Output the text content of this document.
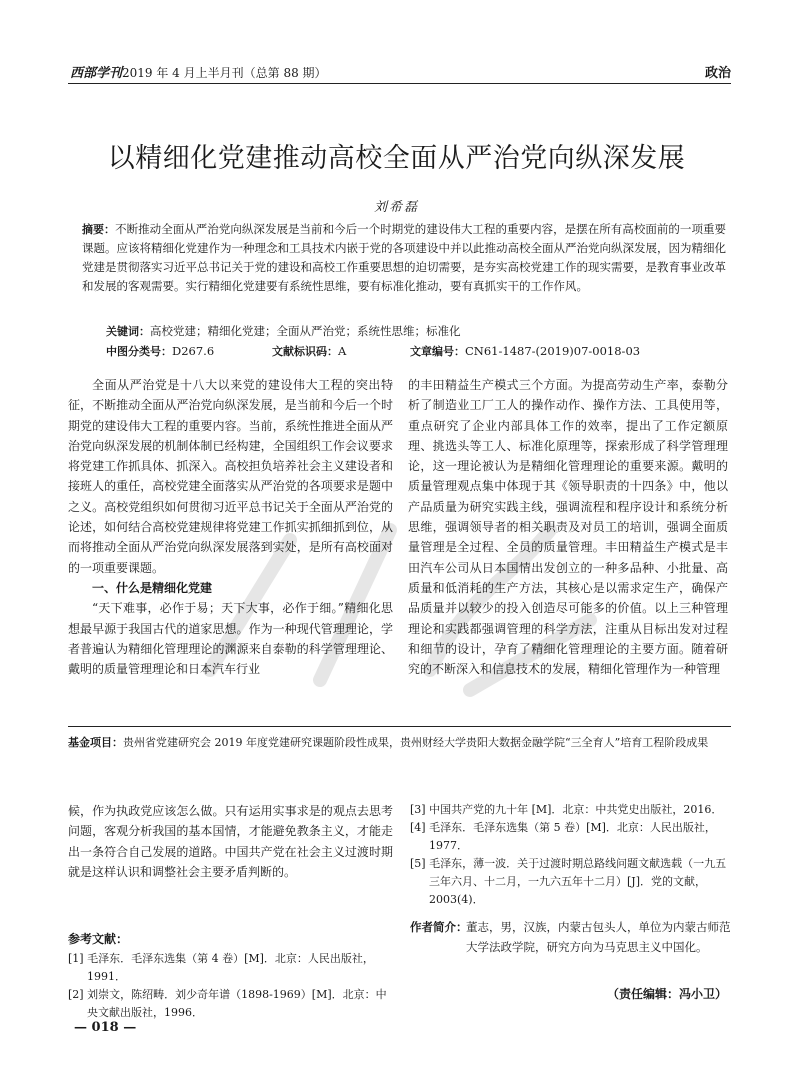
西部学刊2019 年 4 月上半月刊（总第 88 期）	政治
以精细化党建推动高校全面从严治党向纵深发展
刘希磊
摘要：不断推动全面从严治党向纵深发展是当前和今后一个时期党的建设伟大工程的重要内容，是摆在所有高校面前的一项重要课题。应该将精细化党建作为一种理念和工具技术内嵌于党的各项建设中并以此推动高校全面从严治党向纵深发展，因为精细化党建是贯彻落实习近平总书记关于党的建设和高校工作重要思想的迫切需要，是夯实高校党建工作的现实需要，是教育事业改革和发展的客观需要。实行精细化党建要有系统性思维，要有标准化推动，要有真抓实干的工作作风。
关键词：高校党建；精细化党建；全面从严治党；系统性思维；标准化
中图分类号：D267.6	文献标识码：A	文章编号：CN61-1487-(2019)07-0018-03

全面从严治党是十八大以来党的建设伟大工程的突出特征，不断推动全面从严治党向纵深发展，是当前和今后一个时期党的建设伟大工程的重要内容。当前，系统性推进全面从严治党向纵深发展的机制体制已经构建，全国组织工作会议要求将党建工作抓具体、抓深入。高校担负培养社会主义建设者和接班人的重任，高校党建全面落实从严治党的各项要求是题中之义。高校党组织如何贯彻习近平总书记关于全面从严治党的论述，如何结合高校党建规律将党建工作抓实抓细抓到位，从而将推动全面从严治党向纵深发展落到实处，是所有高校面对的一项重要课题。

一、什么是精细化党建

“天下难事，必作于易；天下大事，必作于细。”精细化思想最早源于我国古代的道家思想。作为一种现代管理理论，学者普遍认为精细化管理理论的渊源来自泰勒的科学管理理论、戴明的质量管理理论和日本汽车行业

的丰田精益生产模式三个方面。为提高劳动生产率，泰勒分析了制造业工厂工人的操作动作、操作方法、工具使用等，重点研究了企业内部具体工作的效率，提出了工作定额原理、挑选头等工人、标准化原理等，探索形成了科学管理理论，这一理论被认为是精细化管理理论的重要来源。戴明的质量管理观点集中体现于其《领导职责的十四条》中，他以产品质量为研究实践主线，强调流程和程序设计和系统分析思维，强调领导者的相关职责及对员工的培训，强调全面质量管理是全过程、全员的质量管理。丰田精益生产模式是丰田汽车公司从日本国情出发创立的一种多品种、小批量、高质量和低消耗的生产方法，其核心是以需求定生产，确保产品质量并以较少的投入创造尽可能多的价值。以上三种管理理论和实践都强调管理的科学方法，注重从目标出发对过程和细节的设计，孕育了精细化管理理论的主要方面。随着研究的不断深入和信息技术的发展，精细化管理作为一种管理

基金项目：贵州省党建研究会 2019 年度党建研究课题阶段性成果，贵州财经大学贵阳大数据金融学院“三全育人”培育工程阶段成果

候，作为执政党应该怎么做。只有运用实事求是的观点去思考问题，客观分析我国的基本国情，才能避免教条主义，才能走出一条符合自己发展的道路。中国共产党在社会主义过渡时期就是这样认识和调整社会主要矛盾判断的。

参考文献：
[1] 毛泽东．毛泽东选集（第 4 卷）[M]．北京：人民出版社，1991．
[2] 刘崇文，陈绍畴．刘少奇年谱（1898-1969）[M]．北京：中央文献出版社，1996．
[3] 中国共产党的九十年 [M]．北京：中共党史出版社，2016．
[4] 毛泽东．毛泽东选集（第 5 卷）[M]．北京：人民出版社，1977．
[5] 毛泽东，薄一波．关于过渡时期总路线问题文献选载（一九五三年六月、十二月，一九六五年十二月）[J]．党的文献，2003(4)．
作者简介：
董志，男，汉族，内蒙古包头人，单位为内蒙古师范大学法政学院，研究方向为马克思主义中国化。
（责任编辑：冯小卫）
— 018 —
